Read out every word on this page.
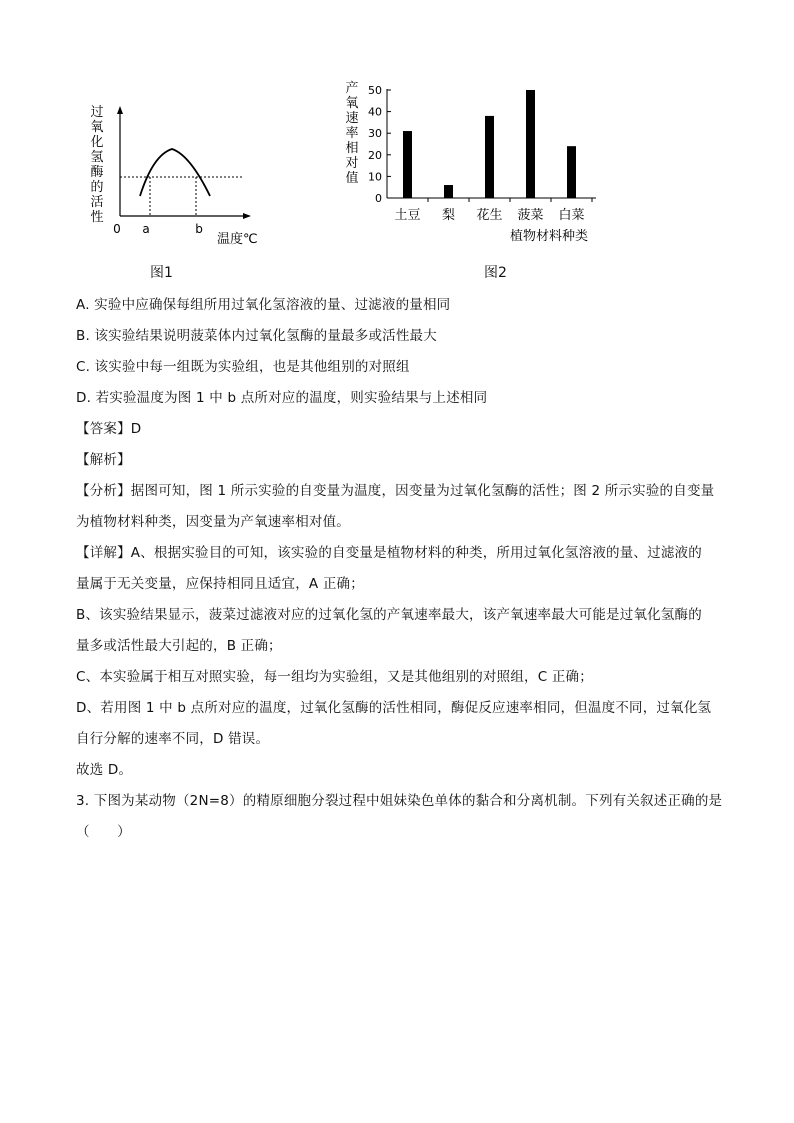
过
氧
化
氢
酶
的
活
性
0 a	b
温度℃
图1
产
氧
速
率
相
对
值
0
10
20
30
40
50
土豆 梨 花生 菠菜 白菜
植物材料种类
图2

A. 实验中应确保每组所用过氧化氢溶液的量、过滤液的量相同

B. 该实验结果说明菠菜体内过氧化氢酶的量最多或活性最大

C. 该实验中每一组既为实验组，也是其他组别的对照组

D. 若实验温度为图 1 中 b 点所对应的温度，则实验结果与上述相同

【答案】D

【解析】

【分析】据图可知，图 1 所示实验的自变量为温度，因变量为过氧化氢酶的活性；图 2 所示实验的自变量

为植物材料种类，因变量为产氧速率相对值。

【详解】A、根据实验目的可知，该实验的自变量是植物材料的种类，所用过氧化氢溶液的量、过滤液的

量属于无关变量，应保持相同且适宜，A 正确；

B、该实验结果显示，菠菜过滤液对应的过氧化氢的产氧速率最大，该产氧速率最大可能是过氧化氢酶的

量多或活性最大引起的，B 正确；

C、本实验属于相互对照实验，每一组均为实验组，又是其他组别的对照组，C 正确；

D、若用图 1 中 b 点所对应的温度，过氧化氢酶的活性相同，酶促反应速率相同，但温度不同，过氧化氢

自行分解的速率不同，D 错误。

故选 D。

3. 下图为某动物（2N=8）的精原细胞分裂过程中姐妹染色单体的黏合和分离机制。下列有关叙述正确的是

（　　）
